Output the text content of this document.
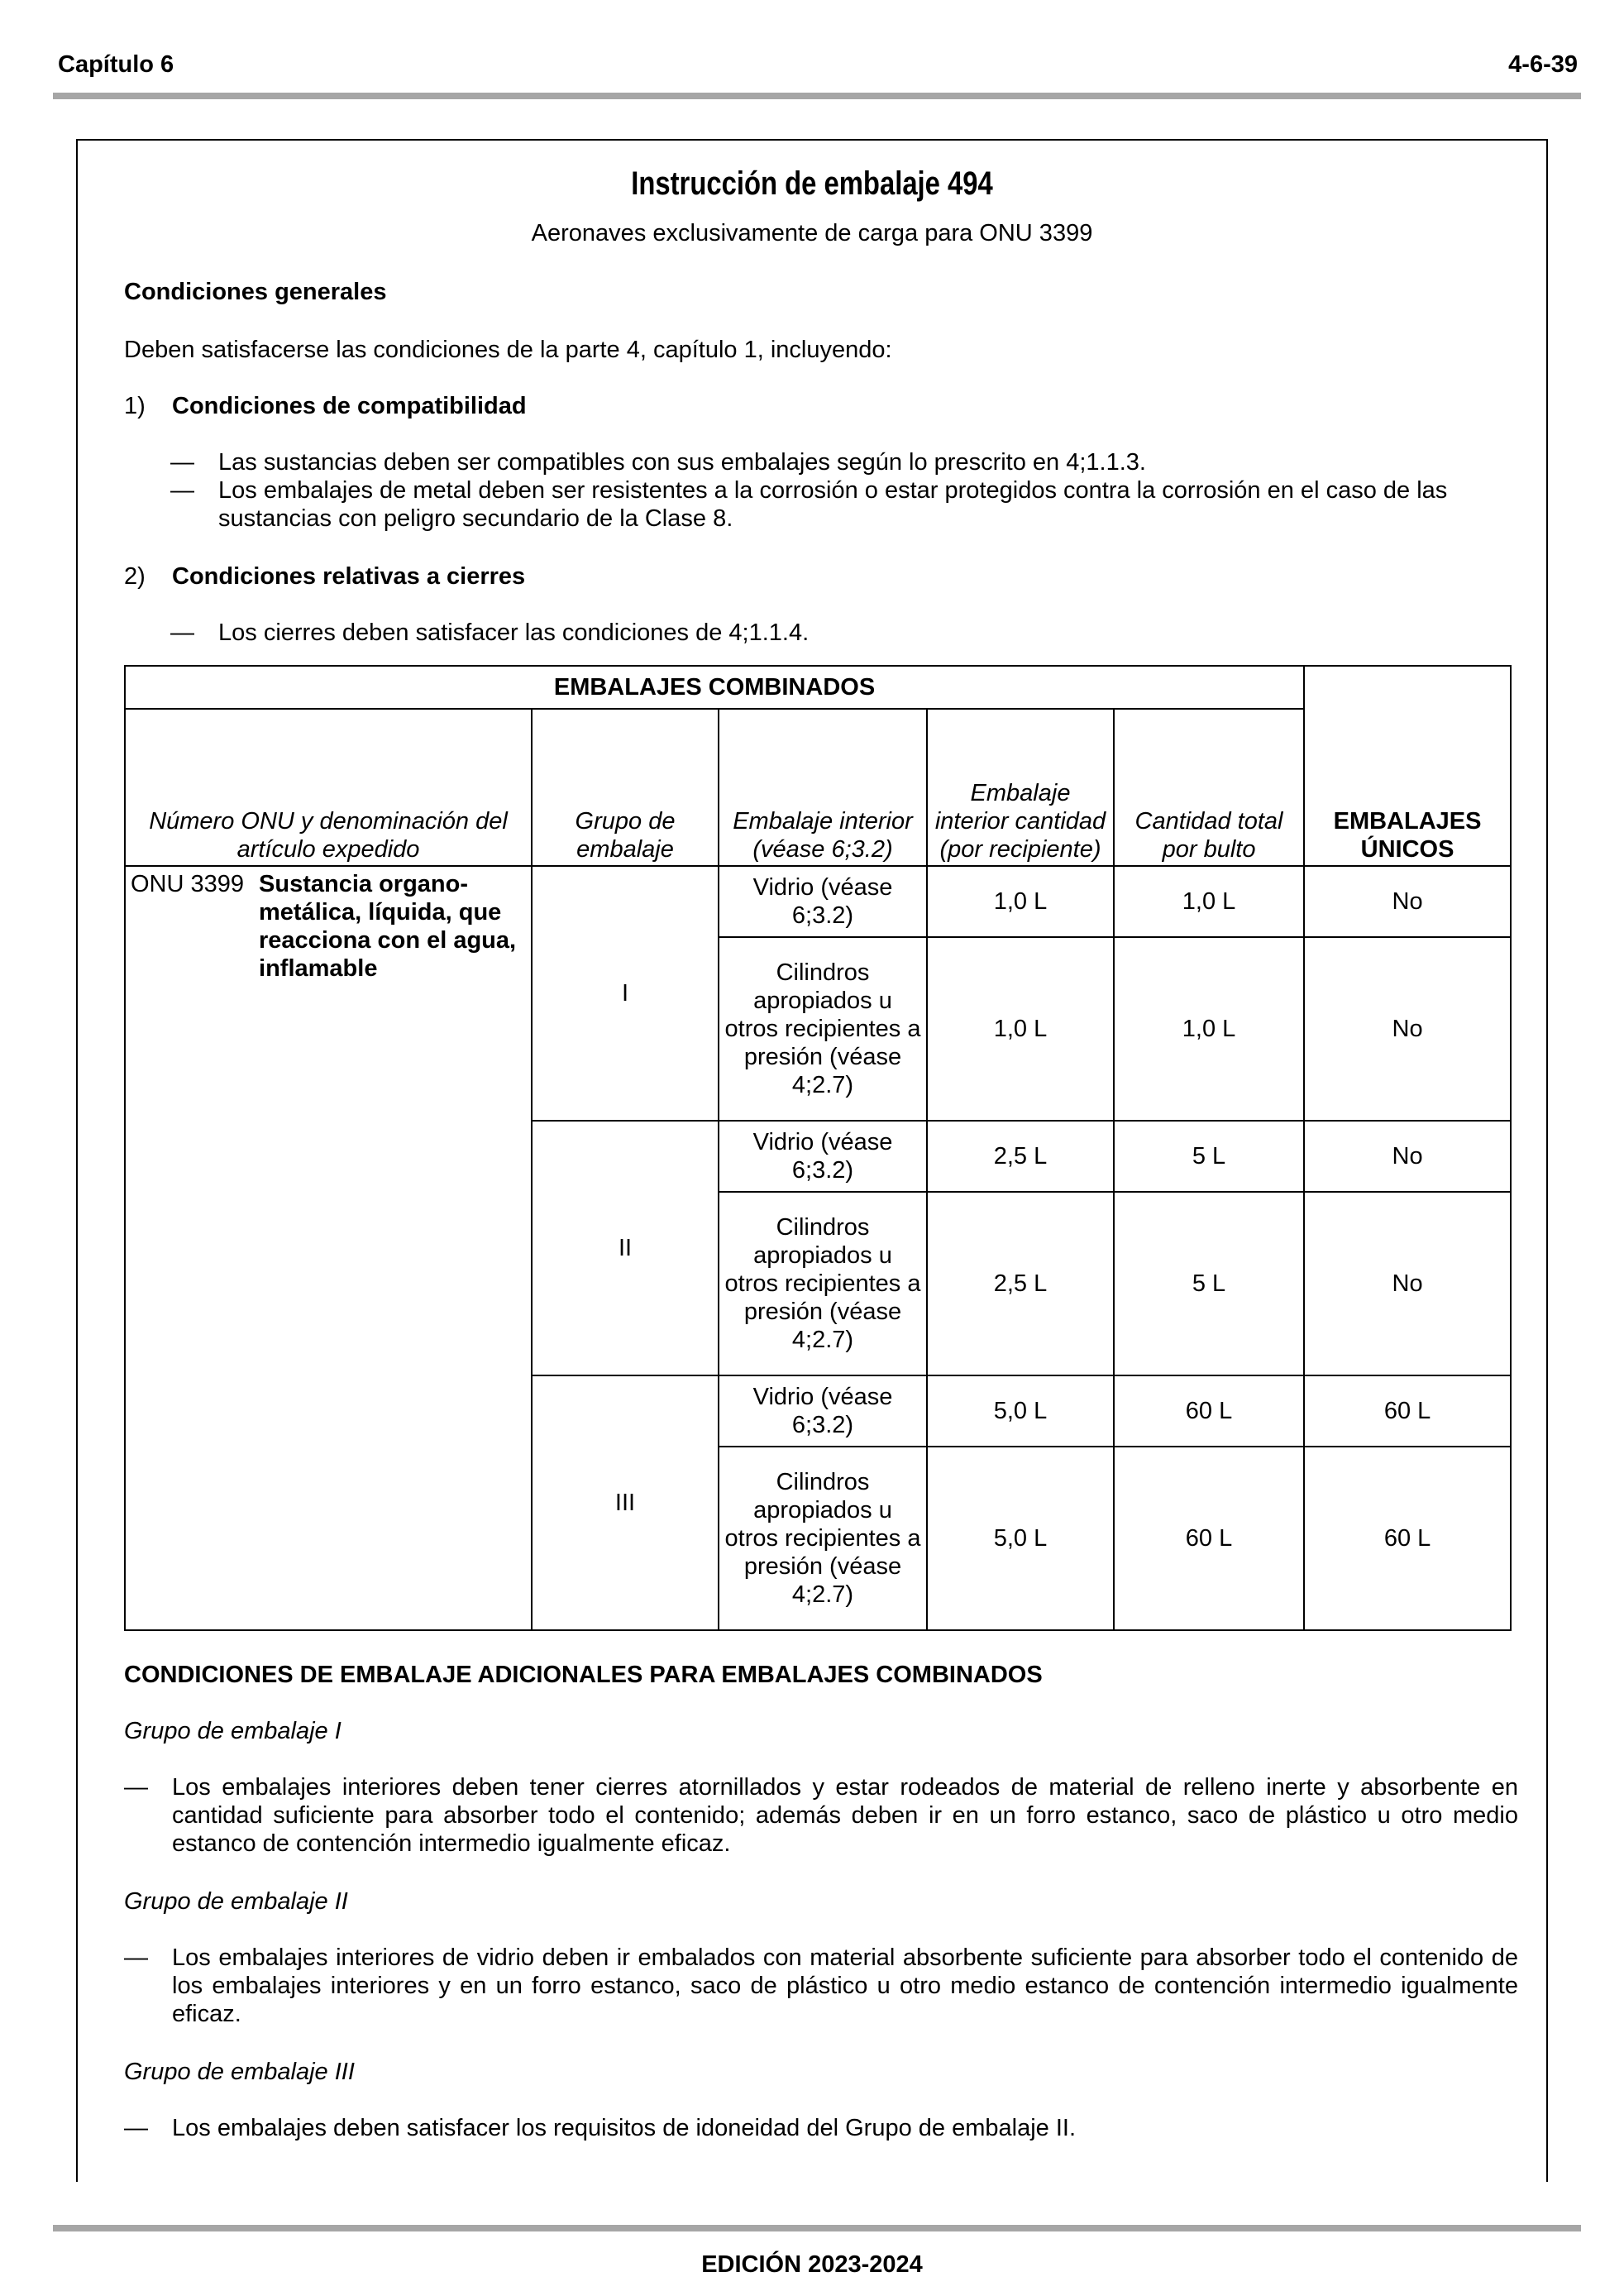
Capítulo 6	4-6-39
Instrucción de embalaje 494
Aeronaves exclusivamente de carga para ONU 3399
Condiciones generales
Deben satisfacerse las condiciones de la parte 4, capítulo 1, incluyendo:
1) Condiciones de compatibilidad
— Las sustancias deben ser compatibles con sus embalajes según lo prescrito en 4;1.1.3.
— Los embalajes de metal deben ser resistentes a la corrosión o estar protegidos contra la corrosión en el caso de las sustancias con peligro secundario de la Clase 8.
2) Condiciones relativas a cierres
— Los cierres deben satisfacer las condiciones de 4;1.1.4.
EMBALAJES COMBINADOS					EMBALAJES ÚNICOS
Número ONU y denominación del artículo expedido	Grupo de embalaje	Embalaje interior (véase 6;3.2)	Embalaje interior cantidad (por recipiente)	Cantidad total por bulto	

ONU 3399 Sustancia organo-metálica, líquida, que reacciona con el agua, inflamable	I	Vidrio (véase 6;3.2)	1,0 L	1,0 L	No
		Cilindros apropiados u otros recipientes a presión (véase 4;2.7)	1,0 L	1,0 L	No
	II	Vidrio (véase 6;3.2)	2,5 L	5 L	No
		Cilindros apropiados u otros recipientes a presión (véase 4;2.7)	2,5 L	5 L	No
	III	Vidrio (véase 6;3.2)	5,0 L	60 L	60 L
		Cilindros apropiados u otros recipientes a presión (véase 4;2.7)	5,0 L	60 L	60 L
CONDICIONES DE EMBALAJE ADICIONALES PARA EMBALAJES COMBINADOS
Grupo de embalaje I
— Los embalajes interiores deben tener cierres atornillados y estar rodeados de material de relleno inerte y absorbente en cantidad suficiente para absorber todo el contenido; además deben ir en un forro estanco, saco de plástico u otro medio estanco de contención intermedio igualmente eficaz.
Grupo de embalaje II
— Los embalajes interiores de vidrio deben ir embalados con material absorbente suficiente para absorber todo el contenido de los embalajes interiores y en un forro estanco, saco de plástico u otro medio estanco de contención intermedio igualmente eficaz.
Grupo de embalaje III
— Los embalajes deben satisfacer los requisitos de idoneidad del Grupo de embalaje II.
EDICIÓN 2023-2024
